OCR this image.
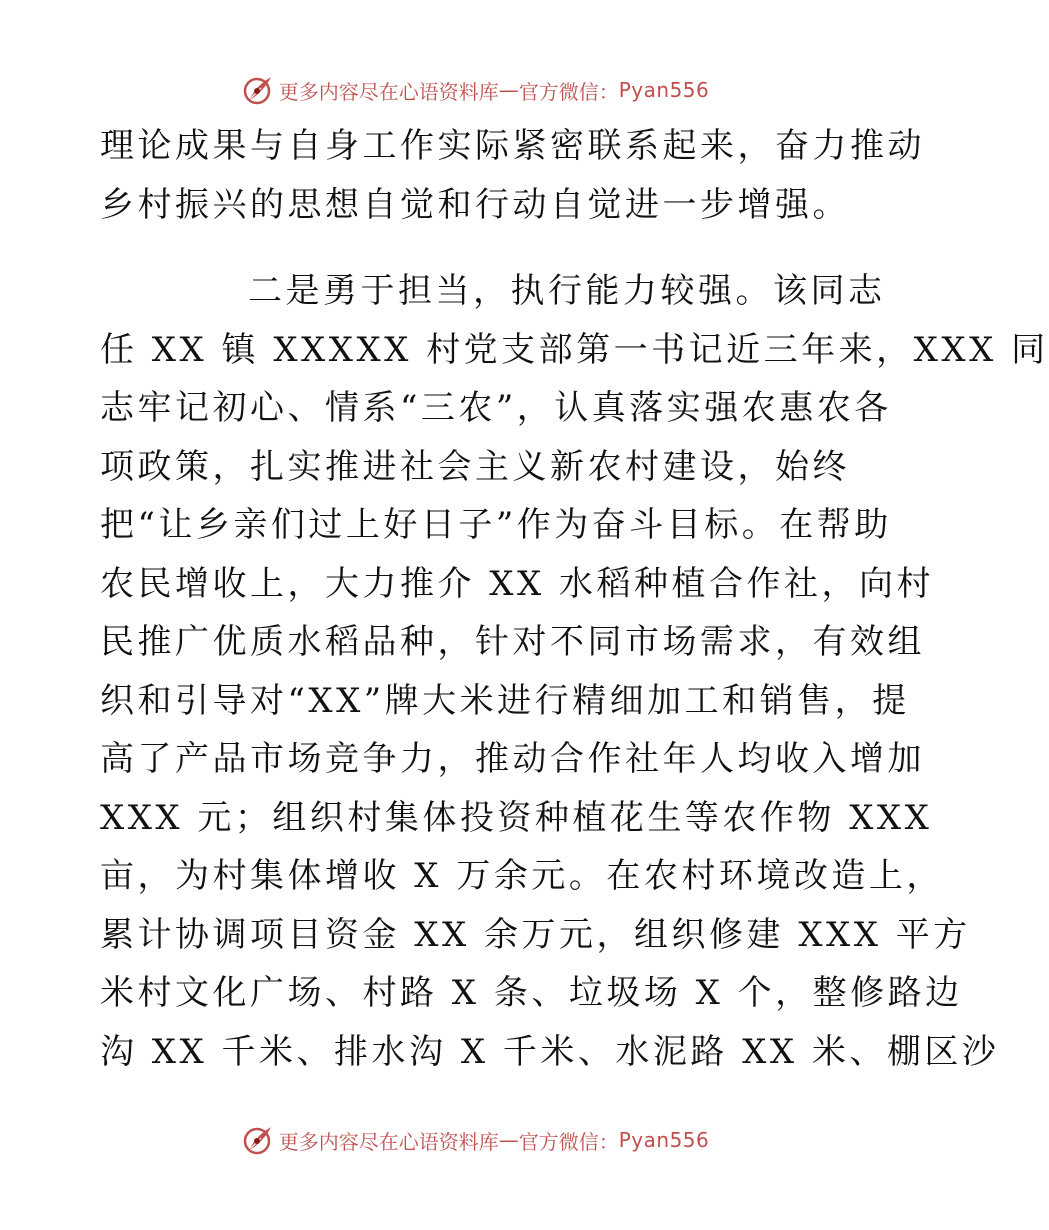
更多内容尽在心语资料库 — 官方微信： Pyan556
理论成果与自身工作实际紧密联系起来，奋力推动
乡村振兴的思想自觉和行动自觉进一步增强。
二是勇于担当，执行能力较强。该同志
任 XX 镇 XXXXX 村党支部第一书记近三年来，XXX 同
志牢记初心、情系“三农”，认真落实强农惠农各
项政策，扎实推进社会主义新农村建设，始终
把“让乡亲们过上好日子”作为奋斗目标。在帮助
农民增收上，大力推介 XX 水稻种植合作社，向村
民推广优质水稻品种，针对不同市场需求，有效组
织和引导对“XX”牌大米进行精细加工和销售，提
高了产品市场竞争力，推动合作社年人均收入增加
XXX 元；组织村集体投资种植花生等农作物 XXX
亩，为村集体增收 X 万余元。在农村环境改造上，
累计协调项目资金 XX 余万元，组织修建 XXX 平方
米村文化广场、村路 X 条、垃圾场 X 个，整修路边
沟 XX 千米、排水沟 X 千米、水泥路 XX 米、棚区沙
更多内容尽在心语资料库 — 官方微信： Pyan556
